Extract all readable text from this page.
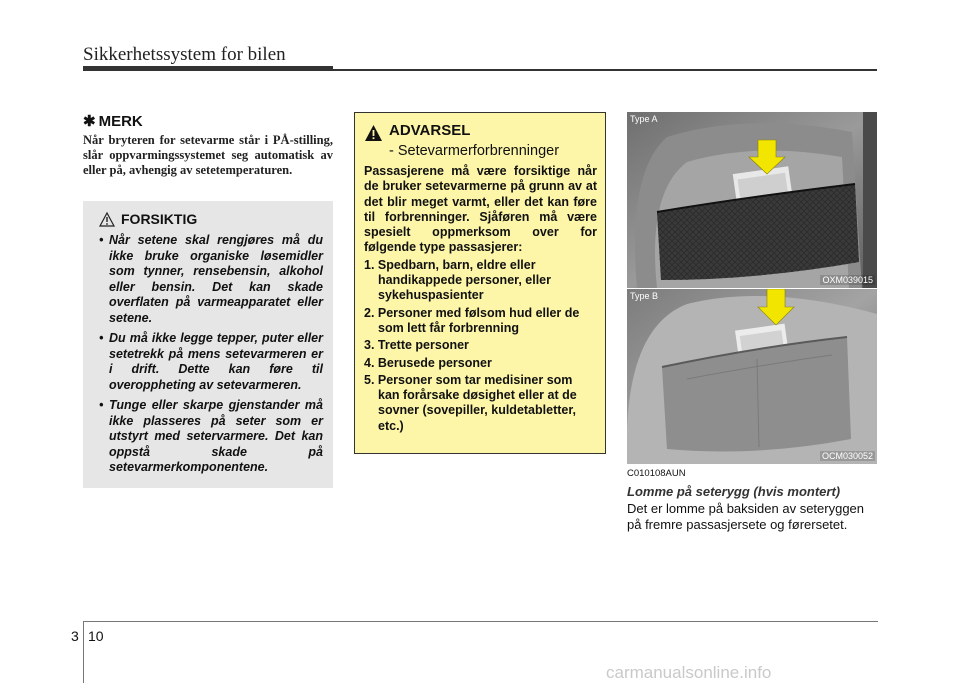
Sikkerhetssystem for bilen
✱ MERK
Når bryteren for setevarme står i PÅ-stilling, slår oppvarmingssystemet seg automatisk av eller på, avhengig av setetemperaturen.
FORSIKTIG
• Når setene skal rengjøres må du ikke bruke organiske løsemidler som tynner, rensebensin, alkohol eller bensin. Det kan skade overflaten på varmeapparatet eller setene.
• Du må ikke legge tepper, puter eller setetrekk på mens setevarmeren er i drift. Dette kan føre til overoppheting av setevarmeren.
• Tunge eller skarpe gjenstander må ikke plasseres på seter som er utstyrt med setervarmere. Det kan oppstå skade på setevarmerkomponentene.
ADVARSEL
- Setevarmerforbrenninger
Passasjerene må være forsiktige når de bruker setevarmerne på grunn av at det blir meget varmt, eller det kan føre til forbrenninger. Sjåføren må være spesielt oppmerksom over for følgende type passasjerer:
1. Spedbarn, barn, eldre eller handikappede personer, eller sykehuspasienter
2. Personer med følsom hud eller de som lett får forbrenning
3. Trette personer
4. Berusede personer
5. Personer som tar medisiner som kan forårsake døsighet eller at de sovner (sovepiller, kuldetabletter, etc.)
Type A
OXM039015
Type B
OCM030052
C010108AUN
Lomme på seterygg (hvis montert)
Det er lomme på baksiden av seteryggen på fremre passasjersete og førersetet.
3 10
carmanualsonline.info
